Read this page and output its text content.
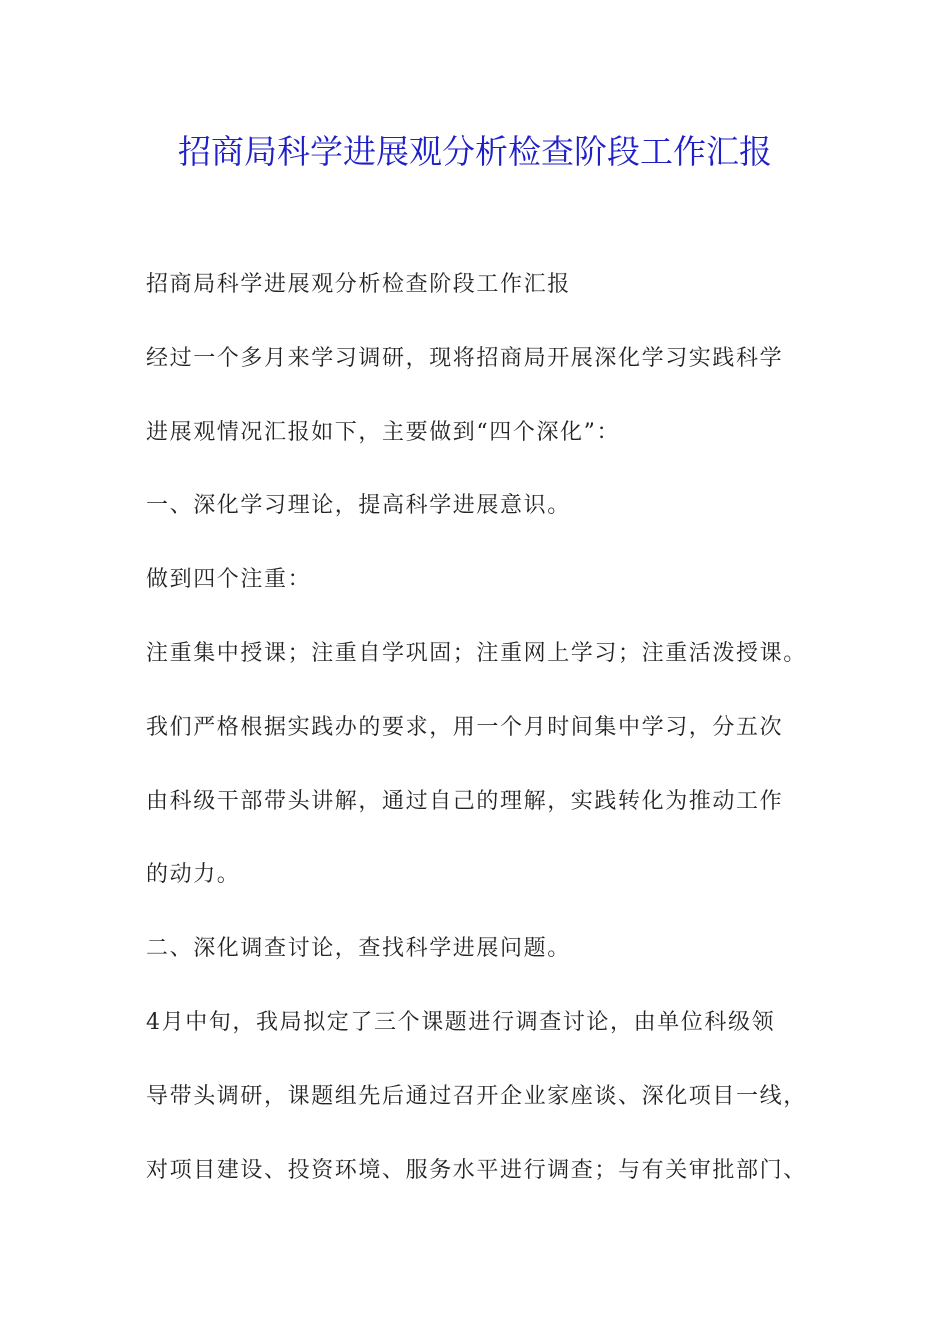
招商局科学进展观分析检查阶段工作汇报
招商局科学进展观分析检查阶段工作汇报
经过一个多月来学习调研，现将招商局开展深化学习实践科学
进展观情况汇报如下，主要做到“四个深化”：
一、深化学习理论，提高科学进展意识。
做到四个注重：
注重集中授课；注重自学巩固；注重网上学习；注重活泼授课。
我们严格根据实践办的要求，用一个月时间集中学习，分五次
由科级干部带头讲解，通过自己的理解，实践转化为推动工作
的动力。
二、深化调查讨论，查找科学进展问题。
4月中旬，我局拟定了三个课题进行调查讨论，由单位科级领
导带头调研，课题组先后通过召开企业家座谈、深化项目一线，
对项目建设、投资环境、服务水平进行调查；与有关审批部门、
